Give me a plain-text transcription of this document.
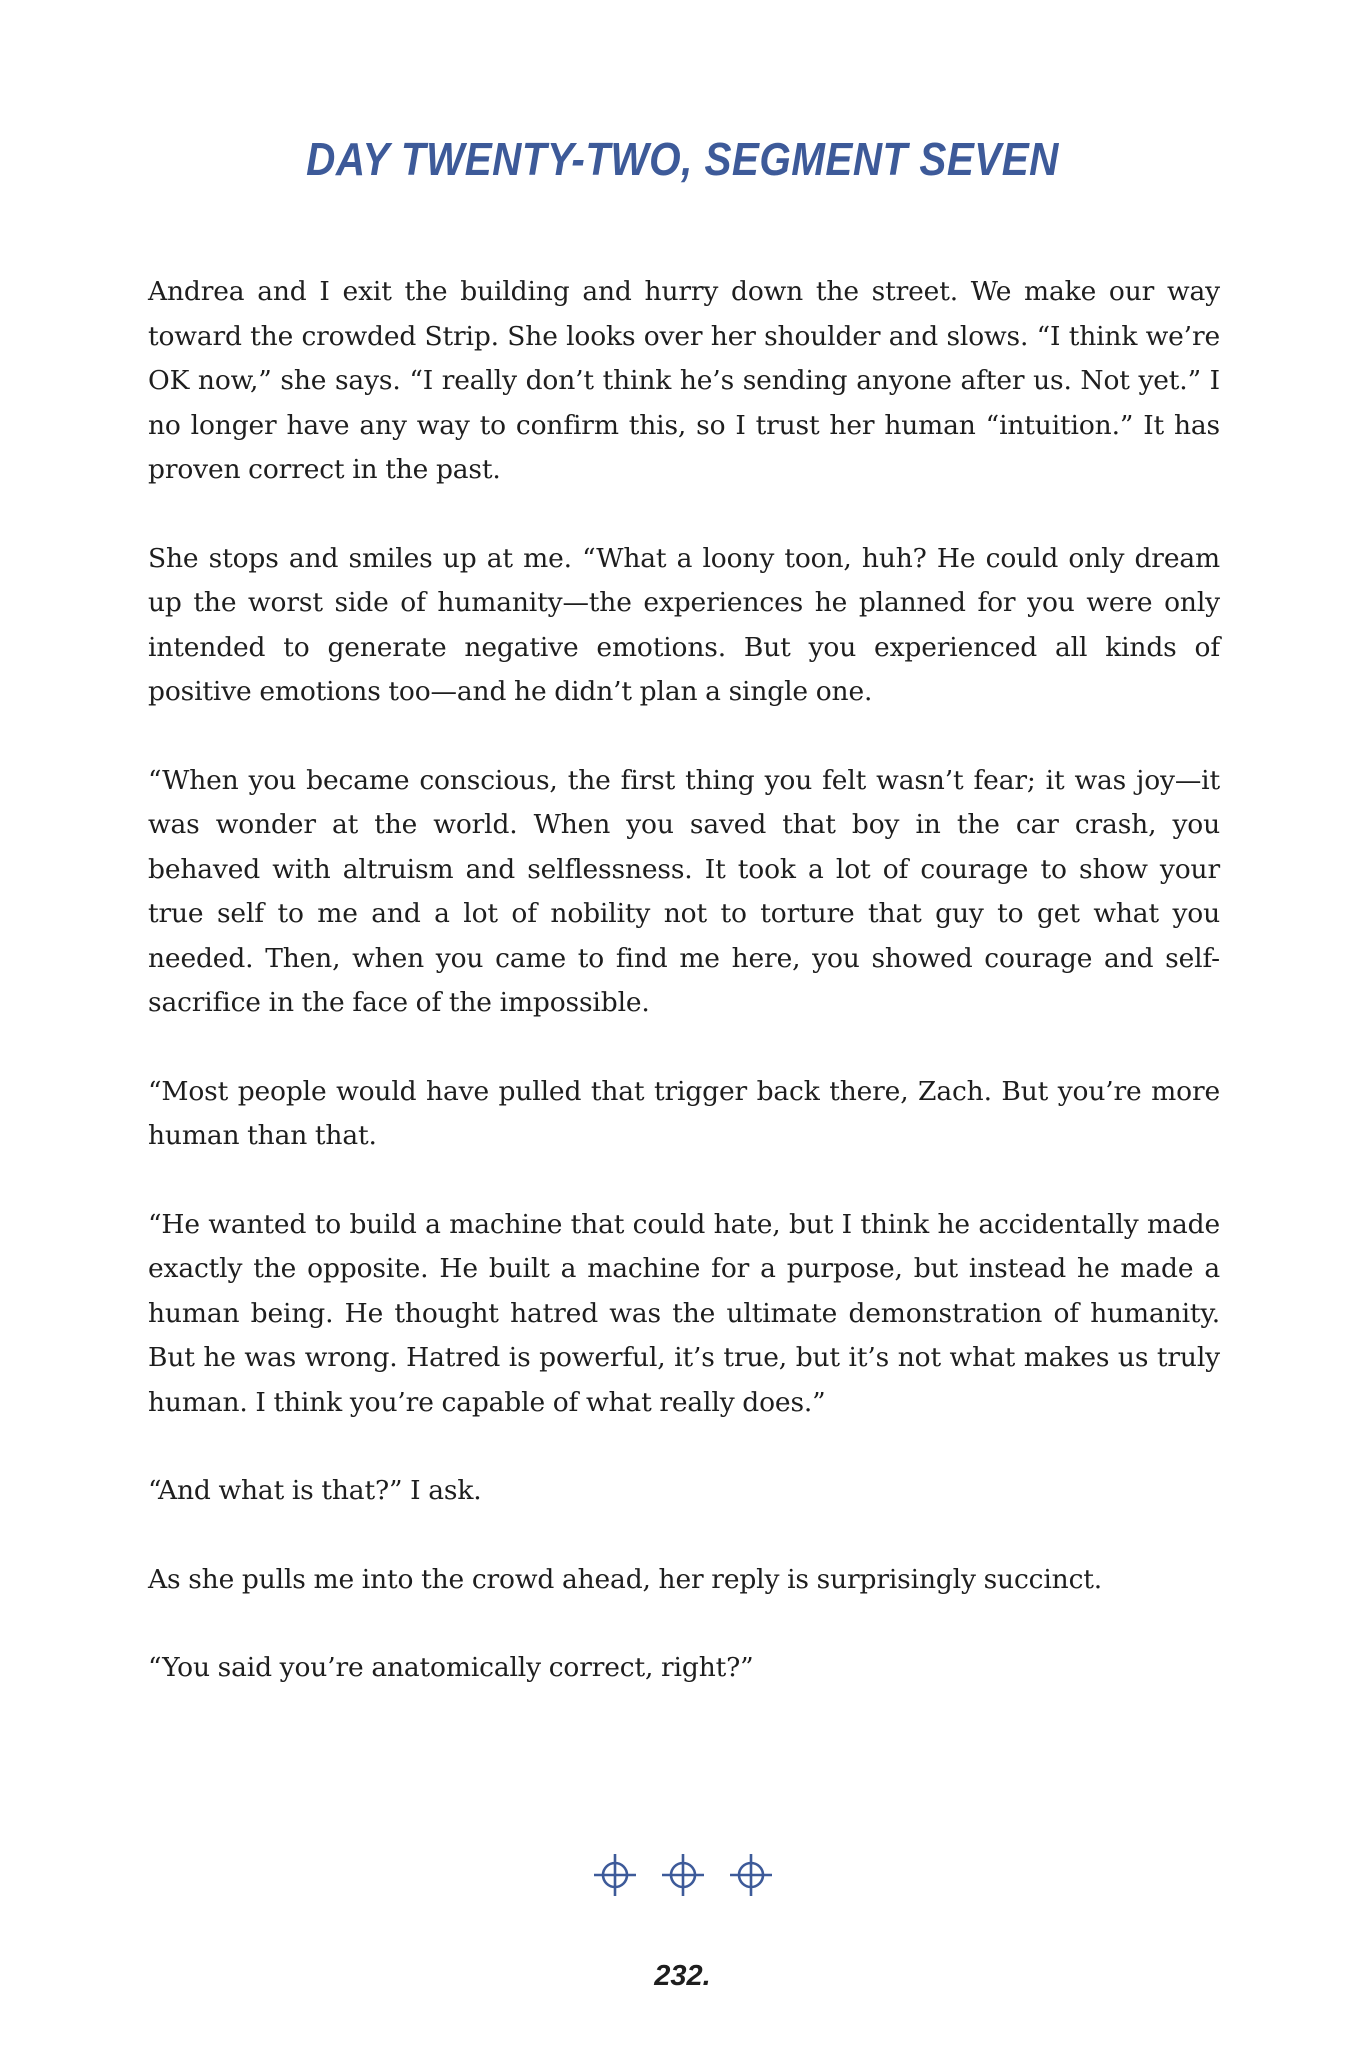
DAY TWENTY-TWO, SEGMENT SEVEN

Andrea and I exit the building and hurry down the street. We make our way toward the crowded Strip. She looks over her shoulder and slows. “I think we’re OK now,” she says. “I really don’t think he’s sending anyone after us. Not yet.” I no longer have any way to confirm this, so I trust her human “intuition.” It has proven correct in the past.

She stops and smiles up at me. “What a loony toon, huh? He could only dream up the worst side of humanity—the experiences he planned for you were only intended to generate negative emotions. But you experienced all kinds of positive emotions too—and he didn’t plan a single one.

“When you became conscious, the first thing you felt wasn’t fear; it was joy—it was wonder at the world. When you saved that boy in the car crash, you behaved with altruism and selflessness. It took a lot of courage to show your true self to me and a lot of nobility not to torture that guy to get what you needed. Then, when you came to find me here, you showed courage and self-sacrifice in the face of the impossible.

“Most people would have pulled that trigger back there, Zach. But you’re more human than that.

“He wanted to build a machine that could hate, but I think he accidentally made exactly the opposite. He built a machine for a purpose, but instead he made a human being. He thought hatred was the ultimate demonstration of humanity. But he was wrong. Hatred is powerful, it’s true, but it’s not what makes us truly human. I think you’re capable of what really does.”

“And what is that?” I ask.

As she pulls me into the crowd ahead, her reply is surprisingly succinct.

“You said you’re anatomically correct, right?”

232.
